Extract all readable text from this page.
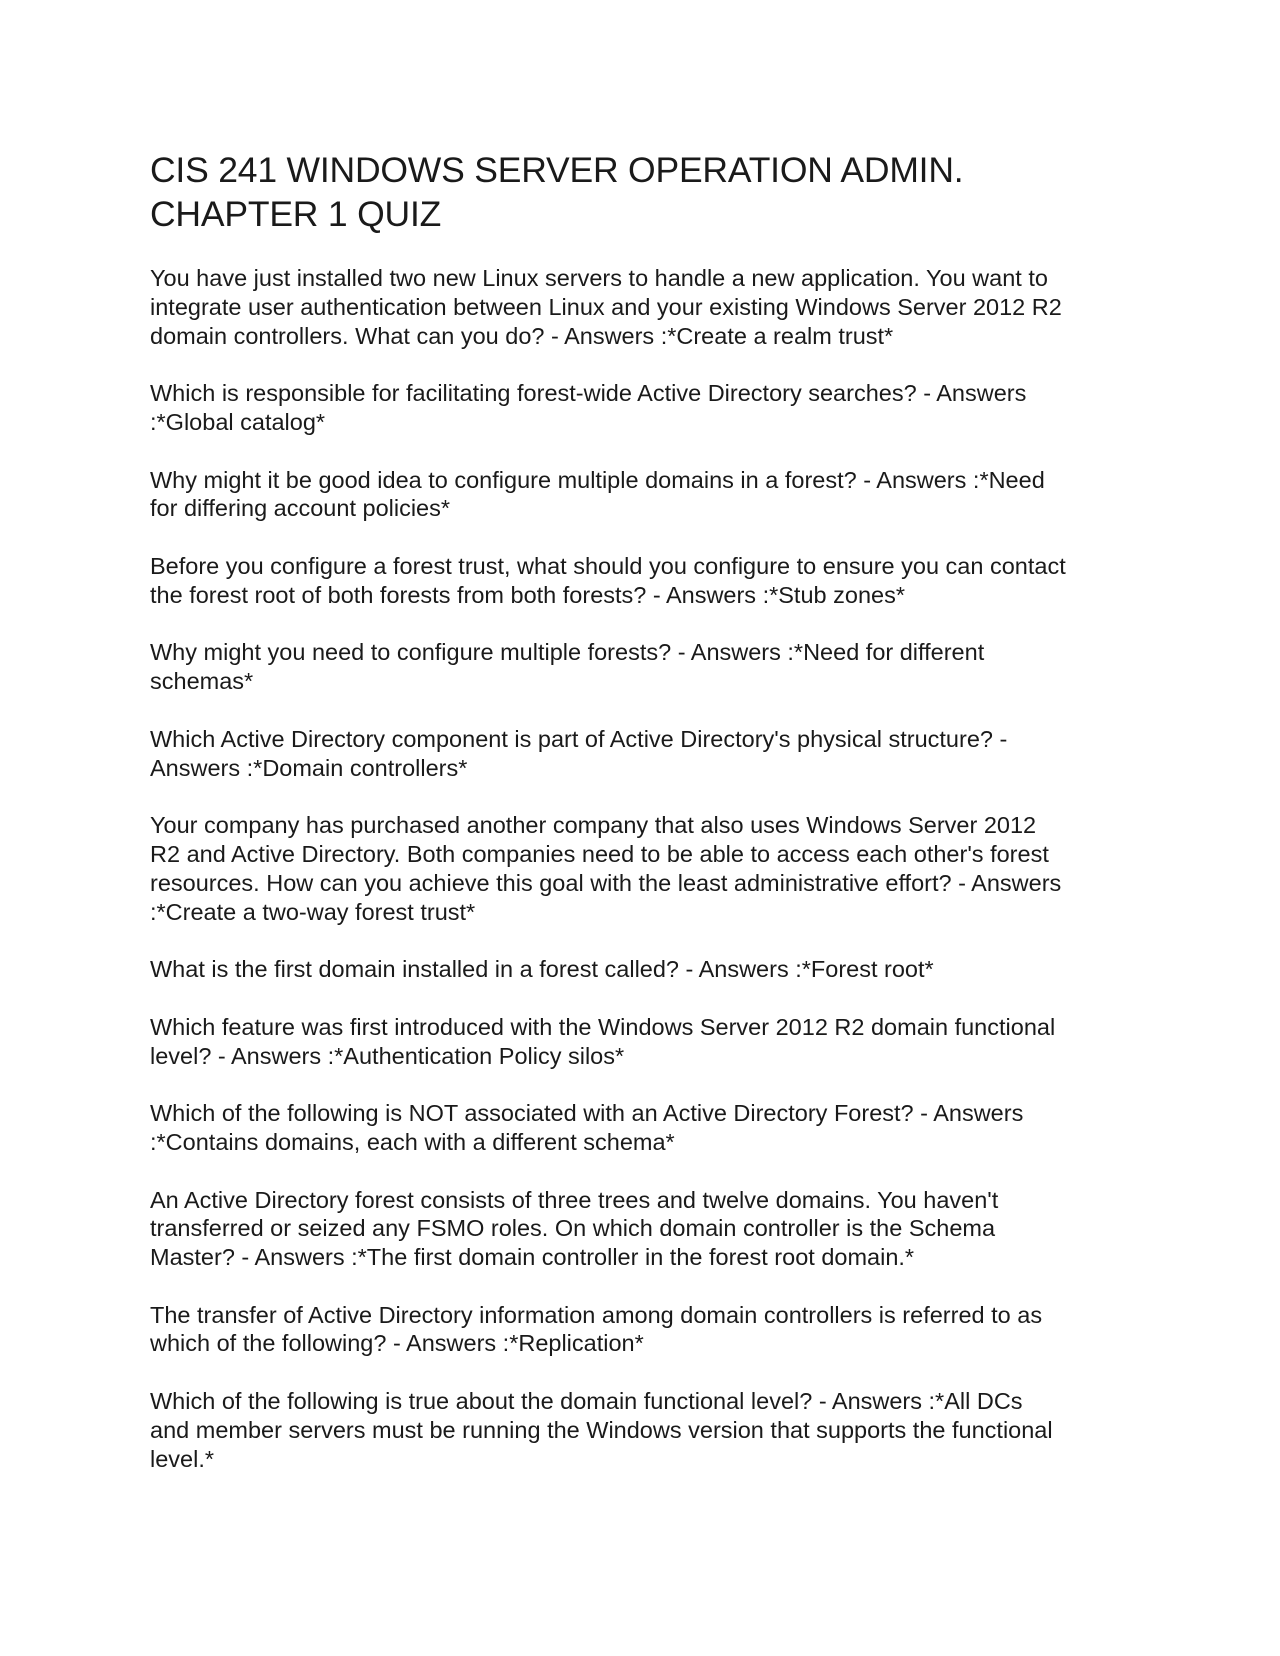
CIS 241 WINDOWS SERVER OPERATION ADMIN.
CHAPTER 1 QUIZ

You have just installed two new Linux servers to handle a new application. You want to
integrate user authentication between Linux and your existing Windows Server 2012 R2
domain controllers. What can you do? - Answers :*Create a realm trust*

Which is responsible for facilitating forest-wide Active Directory searches? - Answers
:*Global catalog*

Why might it be good idea to configure multiple domains in a forest? - Answers :*Need
for differing account policies*

Before you configure a forest trust, what should you configure to ensure you can contact
the forest root of both forests from both forests? - Answers :*Stub zones*

Why might you need to configure multiple forests? - Answers :*Need for different
schemas*

Which Active Directory component is part of Active Directory's physical structure? -
Answers :*Domain controllers*

Your company has purchased another company that also uses Windows Server 2012
R2 and Active Directory. Both companies need to be able to access each other's forest
resources. How can you achieve this goal with the least administrative effort? - Answers
:*Create a two-way forest trust*

What is the first domain installed in a forest called? - Answers :*Forest root*

Which feature was first introduced with the Windows Server 2012 R2 domain functional
level? - Answers :*Authentication Policy silos*

Which of the following is NOT associated with an Active Directory Forest? - Answers
:*Contains domains, each with a different schema*

An Active Directory forest consists of three trees and twelve domains. You haven't
transferred or seized any FSMO roles. On which domain controller is the Schema
Master? - Answers :*The first domain controller in the forest root domain.*

The transfer of Active Directory information among domain controllers is referred to as
which of the following? - Answers :*Replication*

Which of the following is true about the domain functional level? - Answers :*All DCs
and member servers must be running the Windows version that supports the functional
level.*
